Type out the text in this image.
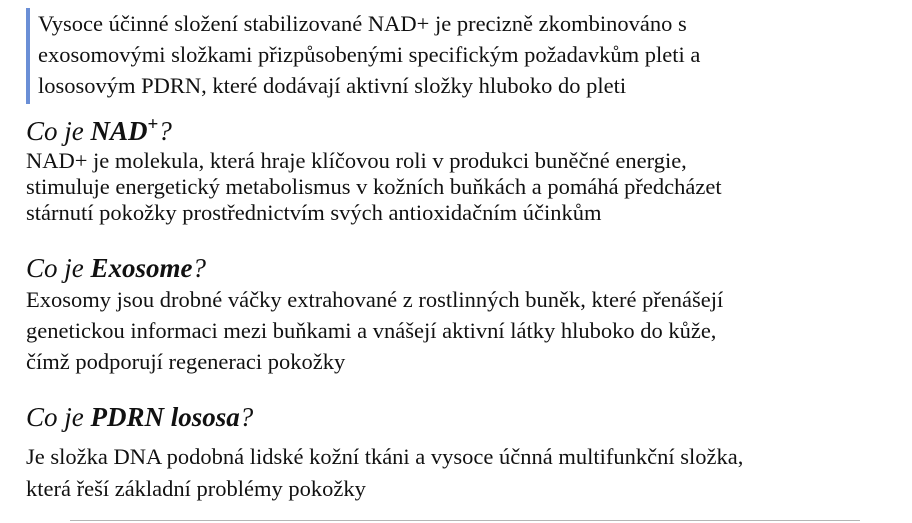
Vysoce účinné složení stabilizované NAD+ je precizně zkombinováno s
exosomovými složkami přizpůsobenými specifickým požadavkům pleti a
lososovým PDRN, které dodávají aktivní složky hluboko do pleti

Co je NAD+?
NAD+ je molekula, která hraje klíčovou roli v produkci buněčné energie,
stimuluje energetický metabolismus v kožních buňkách a pomáhá předcházet
stárnutí pokožky prostřednictvím svých antioxidačním účinkům
Co je Exosome?
Exosomy jsou drobné váčky extrahované z rostlinných buněk, které přenášejí
genetickou informaci mezi buňkami a vnášejí aktivní látky hluboko do kůže,
čímž podporují regeneraci pokožky
Co je PDRN lososa?
Je složka DNA podobná lidské kožní tkáni a vysoce účnná multifunkční složka,
která řeší základní problémy pokožky
